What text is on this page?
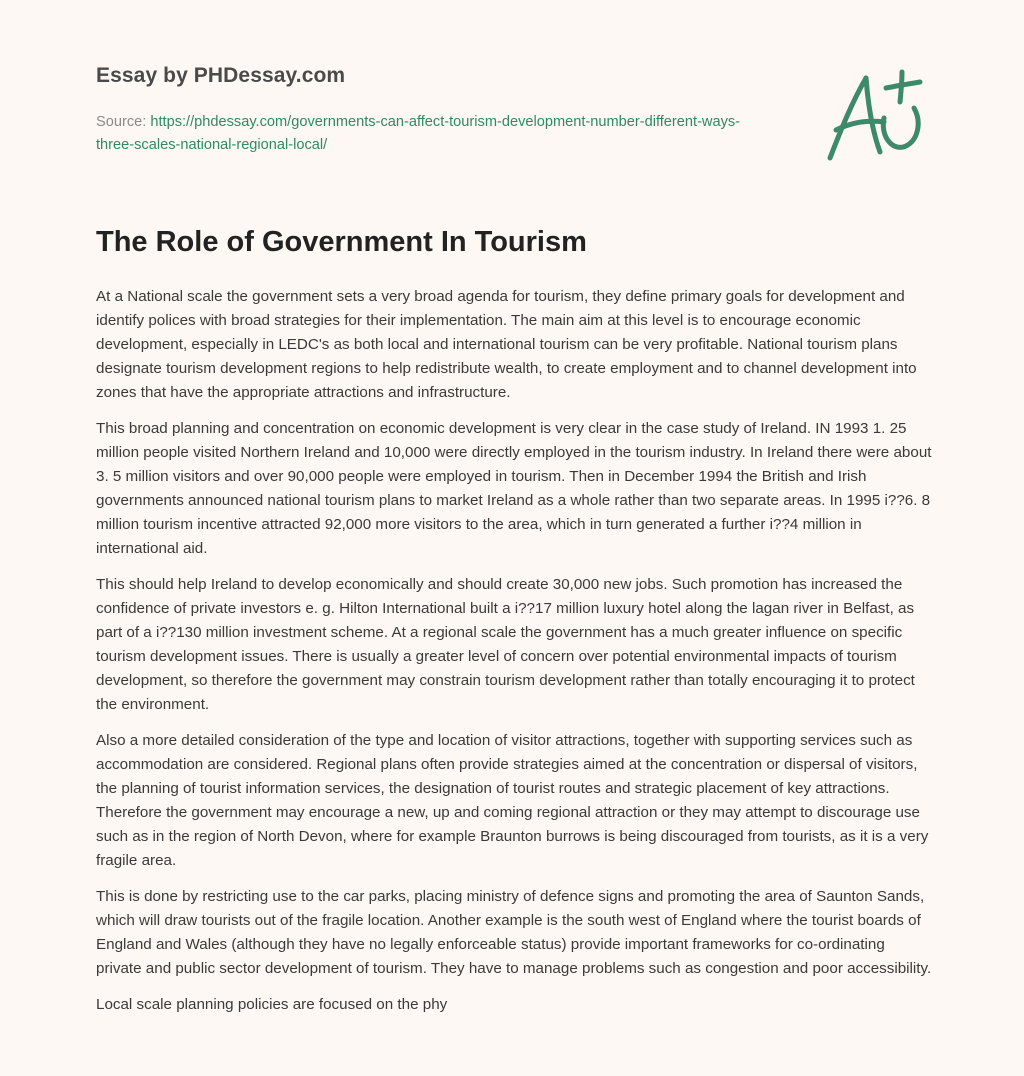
Essay by PHDessay.com
Source: https://phdessay.com/governments-can-affect-tourism-development-number-different-ways-three-scales-national-regional-local/
The Role of Government In Tourism

At a National scale the government sets a very broad agenda for tourism, they define primary goals for development and identify polices with broad strategies for their implementation. The main aim at this level is to encourage economic development, especially in LEDC's as both local and international tourism can be very profitable. National tourism plans designate tourism development regions to help redistribute wealth, to create employment and to channel development into zones that have the appropriate attractions and infrastructure.

This broad planning and concentration on economic development is very clear in the case study of Ireland. IN 1993 1. 25 million people visited Northern Ireland and 10,000 were directly employed in the tourism industry. In Ireland there were about 3. 5 million visitors and over 90,000 people were employed in tourism. Then in December 1994 the British and Irish governments announced national tourism plans to market Ireland as a whole rather than two separate areas. In 1995 i??6. 8 million tourism incentive attracted 92,000 more visitors to the area, which in turn generated a further i??4 million in international aid.

This should help Ireland to develop economically and should create 30,000 new jobs. Such promotion has increased the confidence of private investors e. g. Hilton International built a i??17 million luxury hotel along the lagan river in Belfast, as part of a i??130 million investment scheme. At a regional scale the government has a much greater influence on specific tourism development issues. There is usually a greater level of concern over potential environmental impacts of tourism development, so therefore the government may constrain tourism development rather than totally encouraging it to protect the environment.

Also a more detailed consideration of the type and location of visitor attractions, together with supporting services such as accommodation are considered. Regional plans often provide strategies aimed at the concentration or dispersal of visitors, the planning of tourist information services, the designation of tourist routes and strategic placement of key attractions. Therefore the government may encourage a new, up and coming regional attraction or they may attempt to discourage use such as in the region of North Devon, where for example Braunton burrows is being discouraged from tourists, as it is a very fragile area.

This is done by restricting use to the car parks, placing ministry of defence signs and promoting the area of Saunton Sands, which will draw tourists out of the fragile location. Another example is the south west of England where the tourist boards of England and Wales (although they have no legally enforceable status) provide important frameworks for co-ordinating private and public sector development of tourism. They have to manage problems such as congestion and poor accessibility.

Local scale planning policies are focused on the phy
